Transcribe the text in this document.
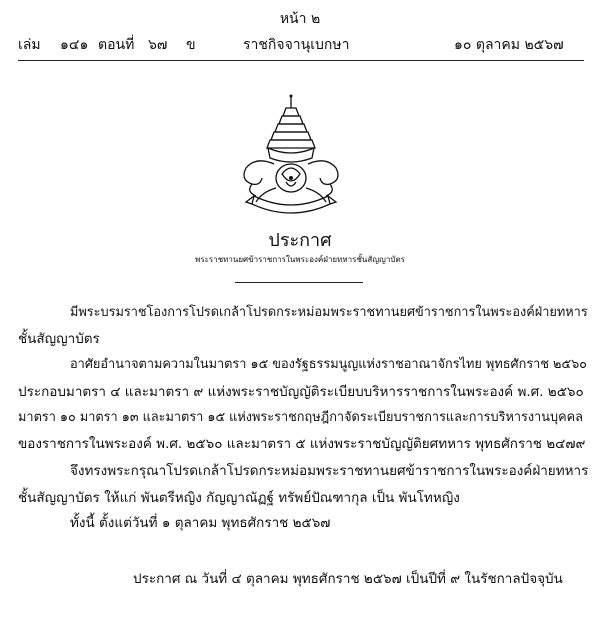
หน้า ๒
เล่ม ๑๔๑ ตอนที่ ๖๗ ข	ราชกิจจานุเบกษา	๑๐ ตุลาคม ๒๕๖๗
ประกาศ
พระราชทานยศข้าราชการในพระองค์ฝ่ายทหารชั้นสัญญาบัตร
มีพระบรมราชโองการโปรดเกล้าโปรดกระหม่อมพระราชทานยศข้าราชการในพระองค์ฝ่ายทหาร
ชั้นสัญญาบัตร
อาศัยอำนาจตามความในมาตรา ๑๕ ของรัฐธรรมนูญแห่งราชอาณาจักรไทย พุทธศักราช ๒๕๖๐
ประกอบมาตรา ๔ และมาตรา ๙ แห่งพระราชบัญญัติระเบียบบริหารราชการในพระองค์ พ.ศ. ๒๕๖๐
มาตรา ๑๐ มาตรา ๑๓ และมาตรา ๑๕ แห่งพระราชกฤษฎีกาจัดระเบียบราชการและการบริหารงานบุคคล
ของราชการในพระองค์ พ.ศ. ๒๕๖๐ และมาตรา ๕ แห่งพระราชบัญญัติยศทหาร พุทธศักราช ๒๔๗๙
จึงทรงพระกรุณาโปรดเกล้าโปรดกระหม่อมพระราชทานยศข้าราชการในพระองค์ฝ่ายทหาร
ชั้นสัญญาบัตร ให้แก่ พันตรีหญิง กัญญาณัฏฐ์ ทรัพย์ปัณฑากุล เป็น พันโทหญิง
ทั้งนี้ ตั้งแต่วันที่ ๑ ตุลาคม พุทธศักราช ๒๕๖๗
ประกาศ ณ วันที่ ๔ ตุลาคม พุทธศักราช ๒๕๖๗ เป็นปีที่ ๙ ในรัชกาลปัจจุบัน
